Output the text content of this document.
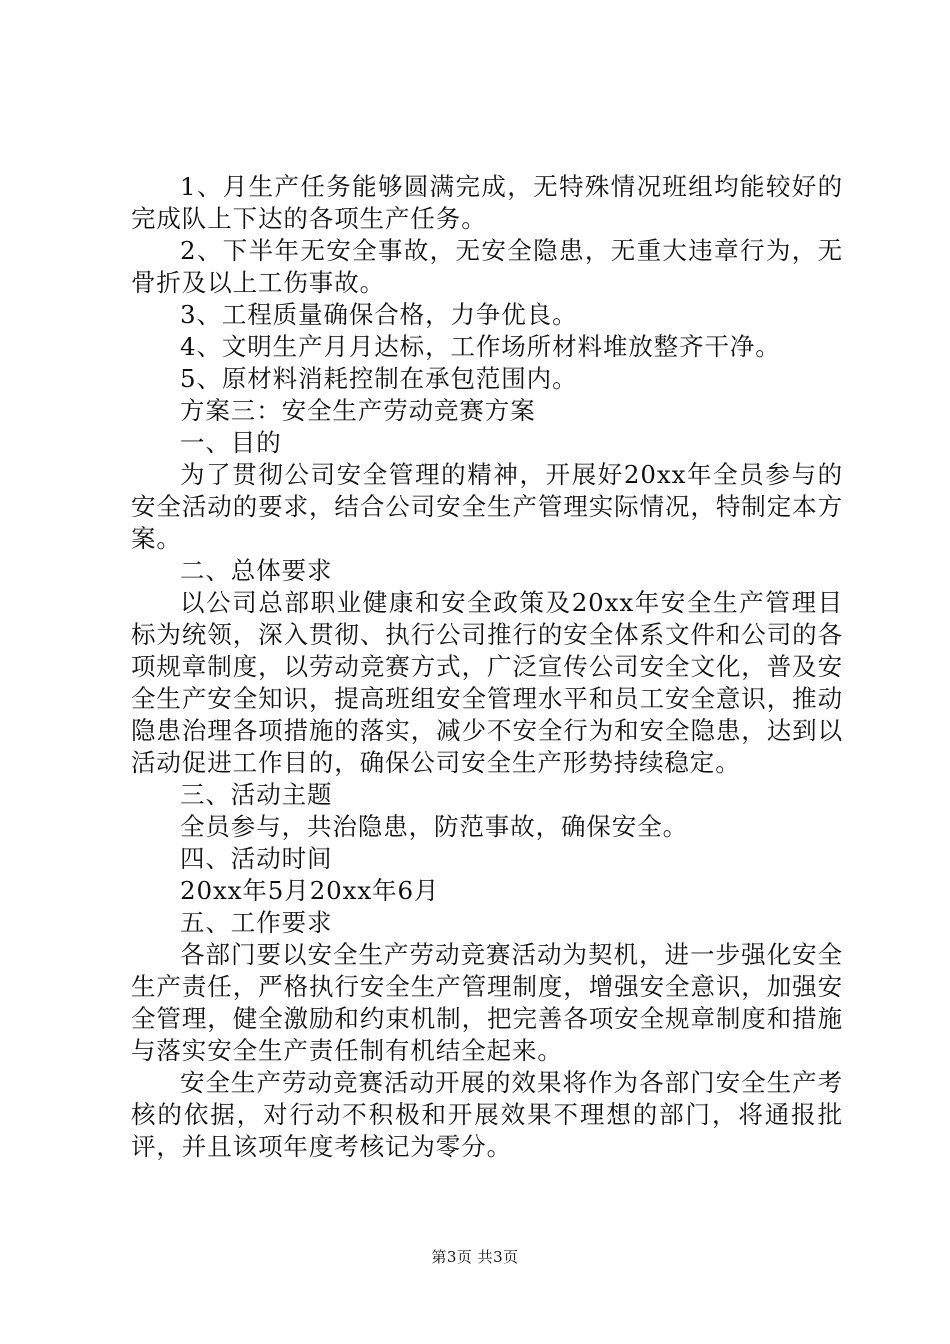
1、月生产任务能够圆满完成，无特殊情况班组均能较好的完成队上下达的各项生产任务。

2、下半年无安全事故，无安全隐患，无重大违章行为，无骨折及以上工伤事故。

3、工程质量确保合格，力争优良。

4、文明生产月月达标，工作场所材料堆放整齐干净。

5、原材料消耗控制在承包范围内。

方案三：安全生产劳动竞赛方案

一、目的

为了贯彻公司安全管理的精神，开展好20xx年全员参与的安全活动的要求，结合公司安全生产管理实际情况，特制定本方案。

二、总体要求

以公司总部职业健康和安全政策及20xx年安全生产管理目标为统领，深入贯彻、执行公司推行的安全体系文件和公司的各项规章制度，以劳动竞赛方式，广泛宣传公司安全文化，普及安全生产安全知识，提高班组安全管理水平和员工安全意识，推动隐患治理各项措施的落实，减少不安全行为和安全隐患，达到以活动促进工作目的，确保公司安全生产形势持续稳定。

三、活动主题

全员参与，共治隐患，防范事故，确保安全。

四、活动时间

20xx年5月20xx年6月

五、工作要求

各部门要以安全生产劳动竞赛活动为契机，进一步强化安全生产责任，严格执行安全生产管理制度，增强安全意识，加强安全管理，健全激励和约束机制，把完善各项安全规章制度和措施与落实安全生产责任制有机结全起来。

安全生产劳动竞赛活动开展的效果将作为各部门安全生产考核的依据，对行动不积极和开展效果不理想的部门，将通报批评，并且该项年度考核记为零分。

第3页 共3页
